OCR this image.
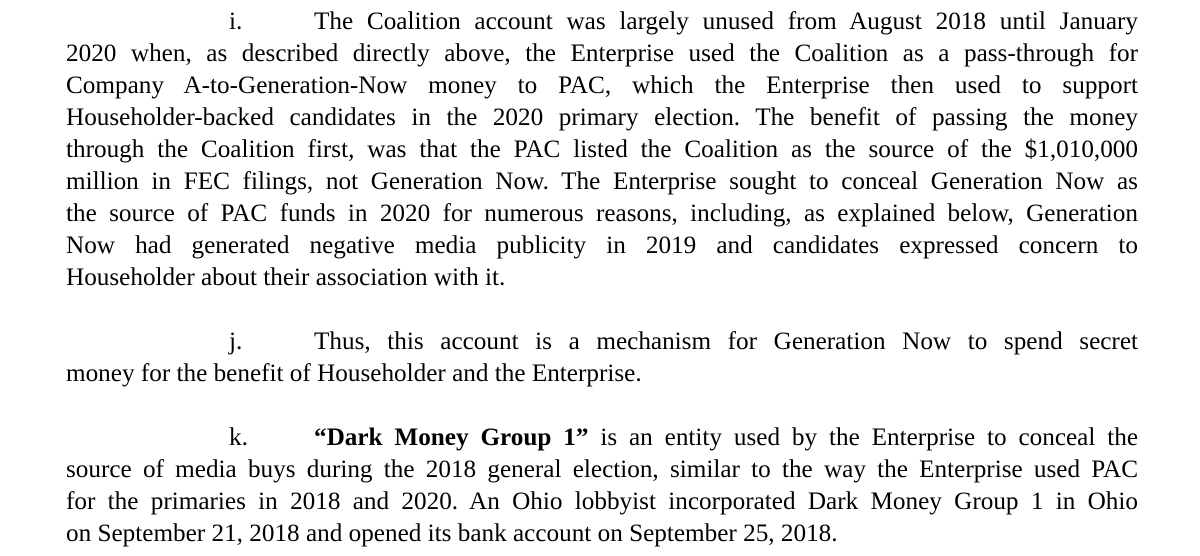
i.	The Coalition account was largely unused from August 2018 until January
2020 when, as described directly above, the Enterprise used the Coalition as a pass-through for
Company A-to-Generation-Now money to PAC, which the Enterprise then used to support
Householder-backed candidates in the 2020 primary election. The benefit of passing the money
through the Coalition first, was that the PAC listed the Coalition as the source of the $1,010,000
million in FEC filings, not Generation Now. The Enterprise sought to conceal Generation Now as
the source of PAC funds in 2020 for numerous reasons, including, as explained below, Generation
Now had generated negative media publicity in 2019 and candidates expressed concern to
Householder about their association with it.
j.	Thus, this account is a mechanism for Generation Now to spend secret
money for the benefit of Householder and the Enterprise.
k.	“Dark Money Group 1” is an entity used by the Enterprise to conceal the
source of media buys during the 2018 general election, similar to the way the Enterprise used PAC
for the primaries in 2018 and 2020. An Ohio lobbyist incorporated Dark Money Group 1 in Ohio
on September 21, 2018 and opened its bank account on September 25, 2018.
